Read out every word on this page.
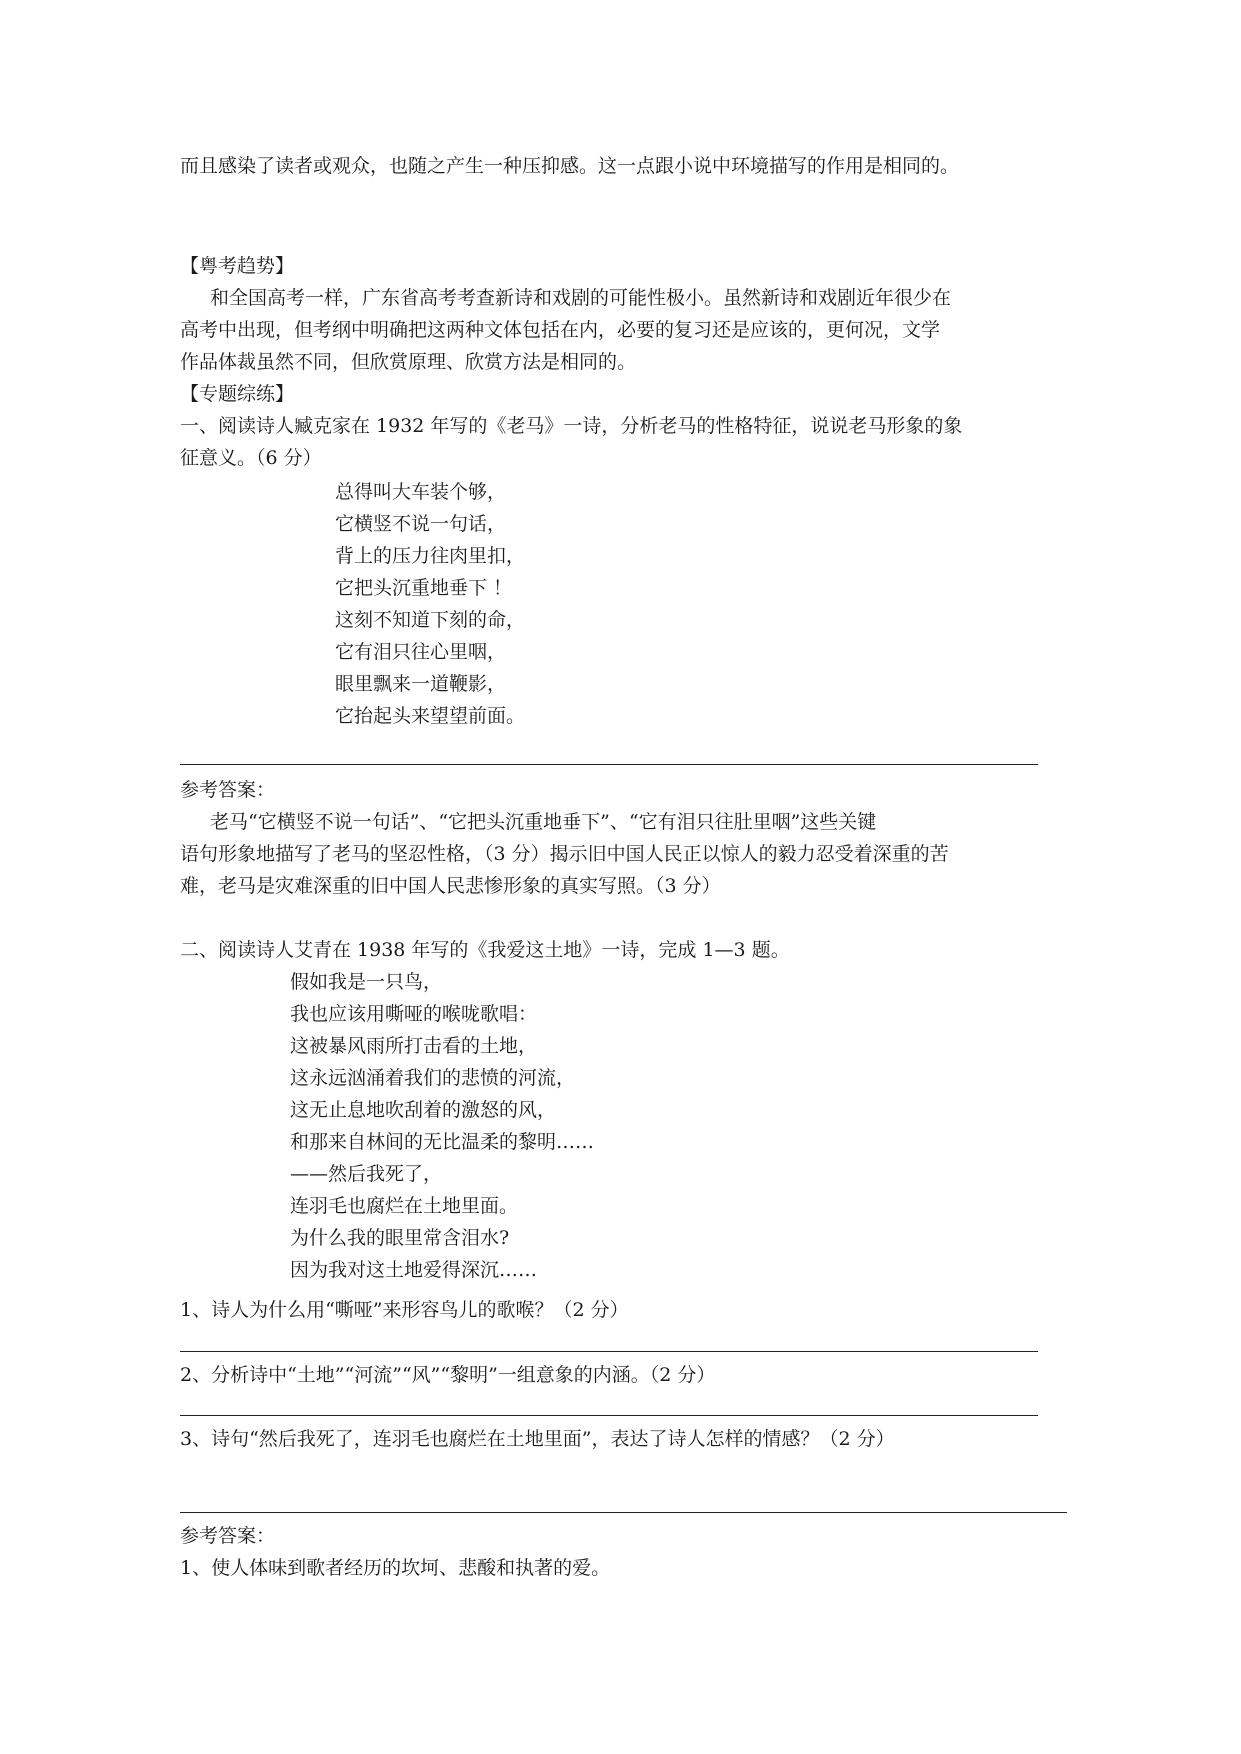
而且感染了读者或观众，也随之产生一种压抑感。这一点跟小说中环境描写的作用是相同的。
【粤考趋势】
和全国高考一样，广东省高考考查新诗和戏剧的可能性极小。虽然新诗和戏剧近年很少在
高考中出现，但考纲中明确把这两种文体包括在内，必要的复习还是应该的，更何况，文学
作品体裁虽然不同，但欣赏原理、欣赏方法是相同的。
【专题综练】
一、阅读诗人臧克家在 1932 年写的《老马》一诗，分析老马的性格特征，说说老马形象的象
征意义。（6 分）
总得叫大车装个够，
它横竖不说一句话，
背上的压力往肉里扣，
它把头沉重地垂下 ！
这刻不知道下刻的命，
它有泪只往心里咽，
眼里飘来一道鞭影，
它抬起头来望望前面。
参考答案：
老马“它横竖不说一句话”、“它把头沉重地垂下”、“它有泪只往肚里咽”这些关键
语句形象地描写了老马的坚忍性格，（3 分）揭示旧中国人民正以惊人的毅力忍受着深重的苦
难，老马是灾难深重的旧中国人民悲惨形象的真实写照。（3 分）
二、阅读诗人艾青在 1938 年写的《我爱这土地》一诗，完成 1—3 题。
假如我是一只鸟，
我也应该用嘶哑的喉咙歌唱：
这被暴风雨所打击看的土地，
这永远汹涌着我们的悲愤的河流，
这无止息地吹刮着的激怒的风，
和那来自林间的无比温柔的黎明……
——然后我死了，
连羽毛也腐烂在土地里面。
为什么我的眼里常含泪水?
因为我对这土地爱得深沉……
1、诗人为什么用“嘶哑”来形容鸟儿的歌喉？（2 分）
2、分析诗中“土地”“河流”“风”“黎明”一组意象的内涵。（2 分）
3、诗句“然后我死了，连羽毛也腐烂在土地里面”，表达了诗人怎样的情感？（2 分）
参考答案：
1、使人体味到歌者经历的坎坷、悲酸和执著的爱。
